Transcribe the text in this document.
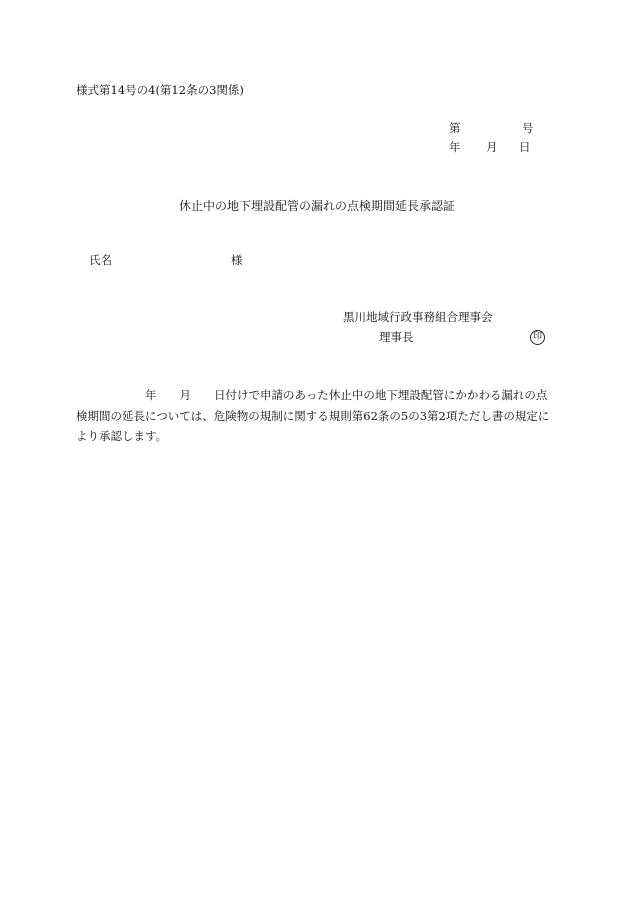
様式第14号の4(第12条の3関係)
第	号
年 月 日
休止中の地下埋設配管の漏れの点検期間延長承認証
氏名	様
黒川地域行政事務組合理事会
理事長	印
　　　　　　年　　月　　日付けで申請のあった休止中の地下埋設配管にかかわる漏れの点
検期間の延長については、危険物の規制に関する規則第62条の5の3第2項ただし書の規定に
より承認します。
